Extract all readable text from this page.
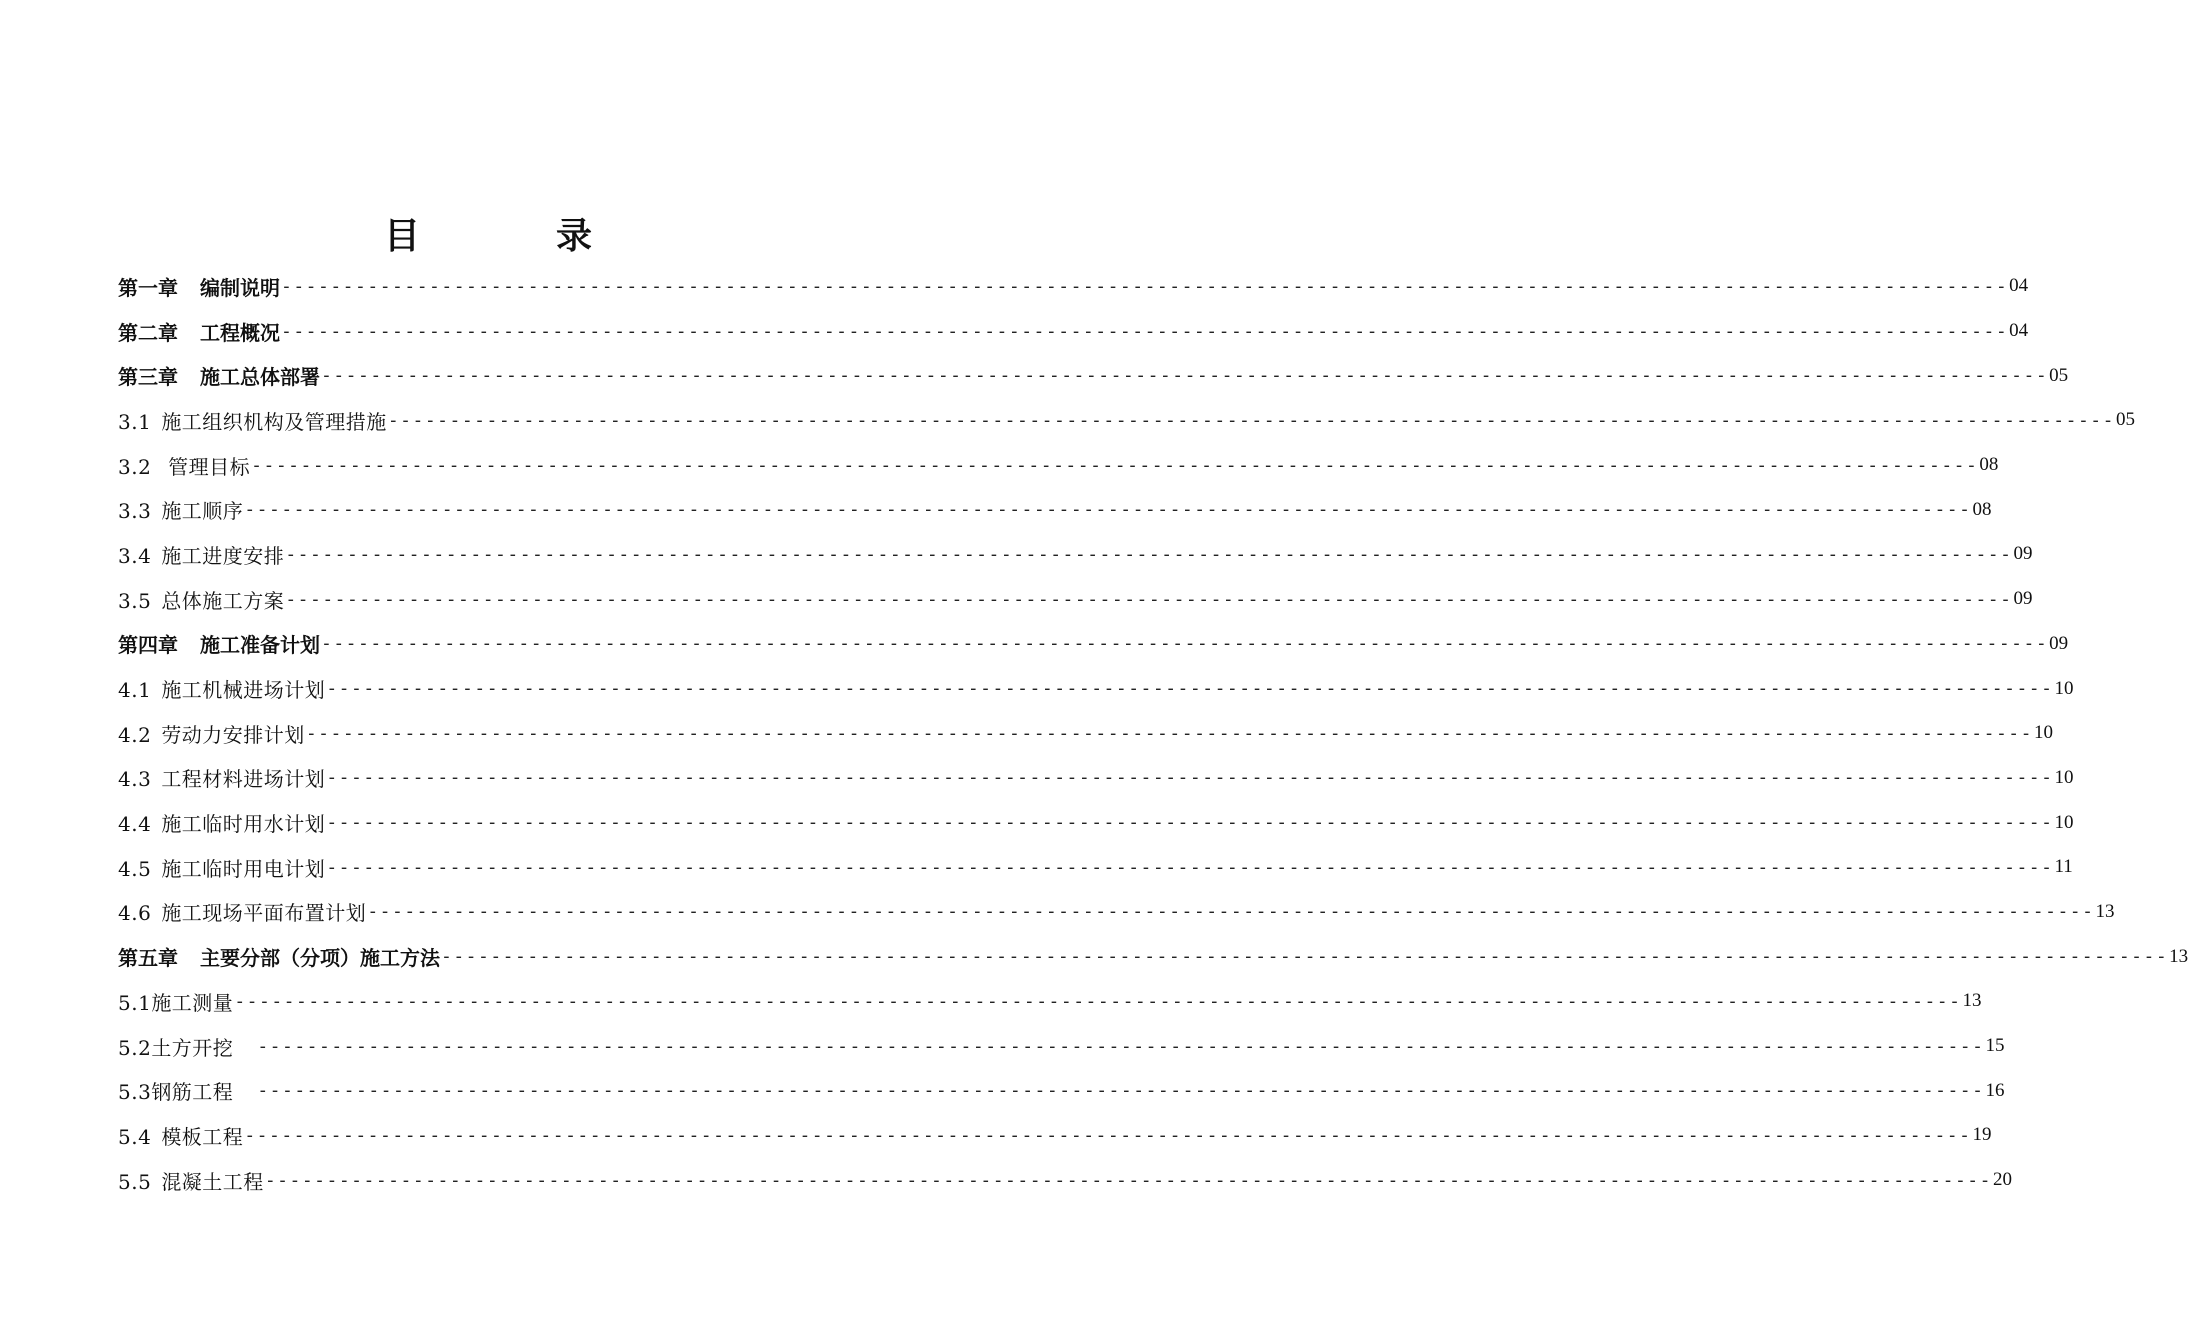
目	录
第一章 编制说明 -------------------------------------------------------------------------------------------------------------------------------------------- 04
第二章 工程概况 -------------------------------------------------------------------------------------------------------------------------------------------- 04
第三章 施工总体部署 -------------------------------------------------------------------------------------------------------------------------------------------- 05
3.1 施工组织机构及管理措施 -------------------------------------------------------------------------------------------------------------------------------------------- 05
3.2 管理目标 -------------------------------------------------------------------------------------------------------------------------------------------- 08
3.3 施工顺序 -------------------------------------------------------------------------------------------------------------------------------------------- 08
3.4 施工进度安排 -------------------------------------------------------------------------------------------------------------------------------------------- 09
3.5 总体施工方案 -------------------------------------------------------------------------------------------------------------------------------------------- 09
第四章 施工准备计划 -------------------------------------------------------------------------------------------------------------------------------------------- 09
4.1 施工机械进场计划 -------------------------------------------------------------------------------------------------------------------------------------------- 10
4.2 劳动力安排计划 -------------------------------------------------------------------------------------------------------------------------------------------- 10
4.3 工程材料进场计划 -------------------------------------------------------------------------------------------------------------------------------------------- 10
4.4 施工临时用水计划 -------------------------------------------------------------------------------------------------------------------------------------------- 10
4.5 施工临时用电计划 -------------------------------------------------------------------------------------------------------------------------------------------- 11
4.6 施工现场平面布置计划 -------------------------------------------------------------------------------------------------------------------------------------------- 13
第五章 主要分部（分项）施工方法 -------------------------------------------------------------------------------------------------------------------------------------------- 13
5.1施工测量 -------------------------------------------------------------------------------------------------------------------------------------------- 13
5.2土方开挖 -------------------------------------------------------------------------------------------------------------------------------------------- 15
5.3钢筋工程 -------------------------------------------------------------------------------------------------------------------------------------------- 16
5.4 模板工程 -------------------------------------------------------------------------------------------------------------------------------------------- 19
5.5 混凝土工程 -------------------------------------------------------------------------------------------------------------------------------------------- 20
